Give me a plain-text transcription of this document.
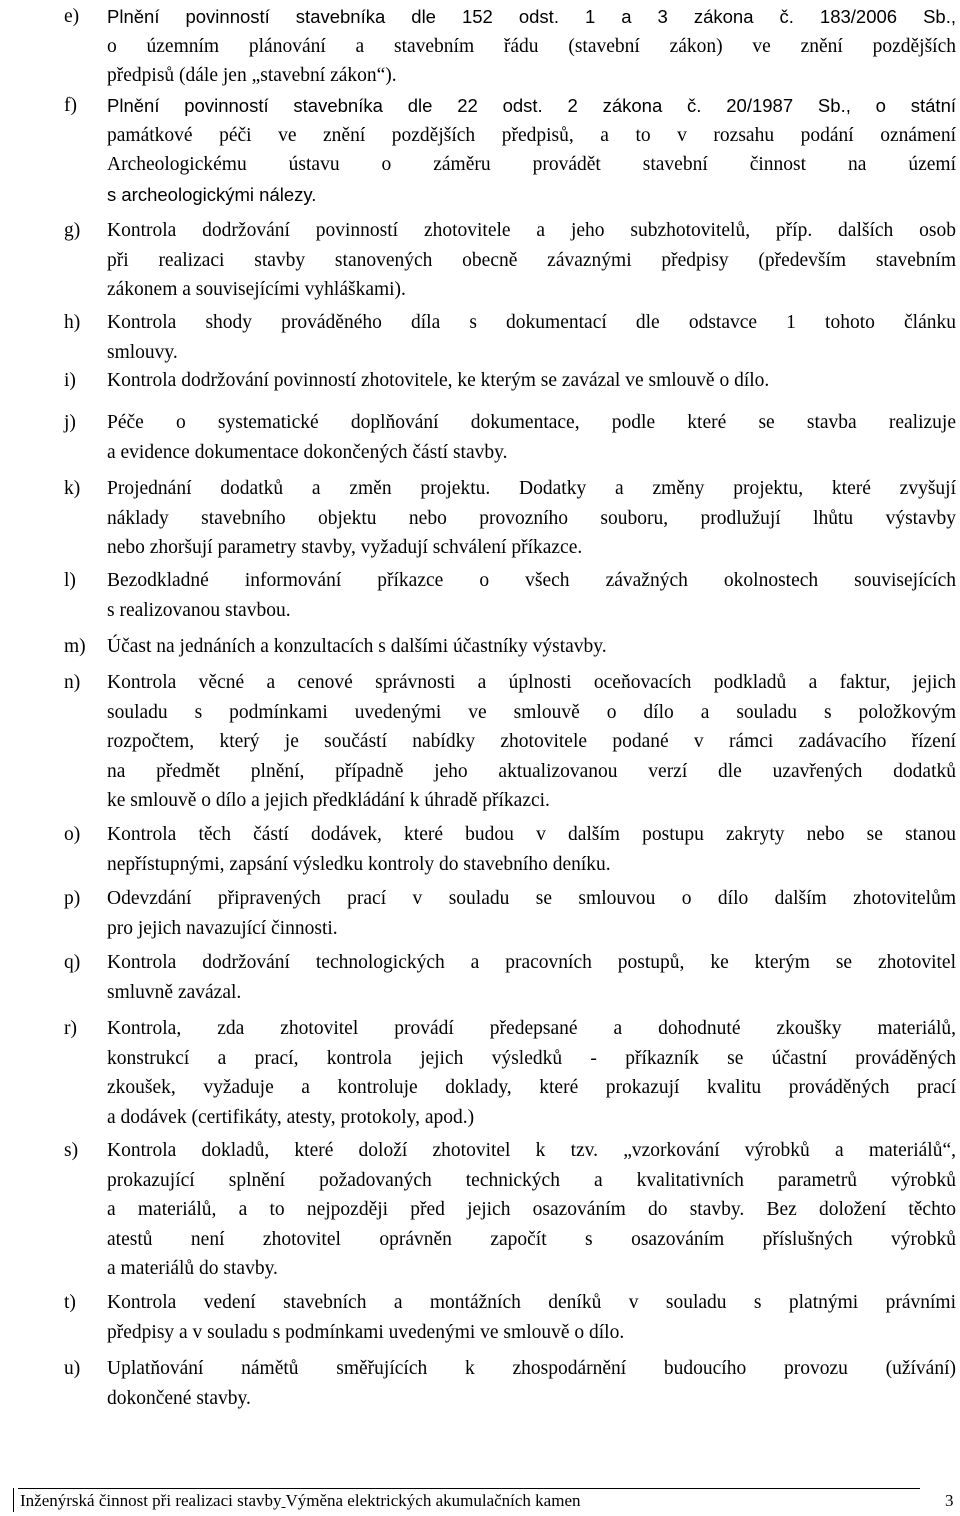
e) Plnění povinností stavebníka dle 152 odst. 1 a 3 zákona č. 183/2006 Sb.,
o územním plánování a stavebním řádu (stavební zákon) ve znění pozdějších
předpisů (dále jen „stavební zákon“).
f) Plnění povinností stavebníka dle 22 odst. 2 zákona č. 20/1987 Sb., o státní
památkové péči ve znění pozdějších předpisů, a to v rozsahu podání oznámení
Archeologickému ústavu o záměru provádět stavební činnost na území
s archeologickými nálezy.
g) Kontrola dodržování povinností zhotovitele a jeho subzhotovitelů, příp. dalších osob
při realizaci stavby stanovených obecně závaznými předpisy (především stavebním
zákonem a souvisejícími vyhláškami).
h) Kontrola shody prováděného díla s dokumentací dle odstavce 1 tohoto článku
smlouvy.
i) Kontrola dodržování povinností zhotovitele, ke kterým se zavázal ve smlouvě o dílo.
j) Péče o systematické doplňování dokumentace, podle které se stavba realizuje
a evidence dokumentace dokončených částí stavby.
k) Projednání dodatků a změn projektu. Dodatky a změny projektu, které zvyšují
náklady stavebního objektu nebo provozního souboru, prodlužují lhůtu výstavby
nebo zhoršují parametry stavby, vyžadují schválení příkazce.
l) Bezodkladné informování příkazce o všech závažných okolnostech souvisejících
s realizovanou stavbou.
m) Účast na jednáních a konzultacích s dalšími účastníky výstavby.
n) Kontrola věcné a cenové správnosti a úplnosti oceňovacích podkladů a faktur, jejich
souladu s podmínkami uvedenými ve smlouvě o dílo a souladu s položkovým
rozpočtem, který je součástí nabídky zhotovitele podané v rámci zadávacího řízení
na předmět plnění, případně jeho aktualizovanou verzí dle uzavřených dodatků
ke smlouvě o dílo a jejich předkládání k úhradě příkazci.
o) Kontrola těch částí dodávek, které budou v dalším postupu zakryty nebo se stanou
nepřístupnými, zapsání výsledku kontroly do stavebního deníku.
p) Odevzdání připravených prací v souladu se smlouvou o dílo dalším zhotovitelům
pro jejich navazující činnosti.
q) Kontrola dodržování technologických a pracovních postupů, ke kterým se zhotovitel
smluvně zavázal.
r) Kontrola, zda zhotovitel provádí předepsané a dohodnuté zkoušky materiálů,
konstrukcí a prací, kontrola jejich výsledků - příkazník se účastní prováděných
zkoušek, vyžaduje a kontroluje doklady, které prokazují kvalitu prováděných prací
a dodávek (certifikáty, atesty, protokoly, apod.)
s) Kontrola dokladů, které doloží zhotovitel k tzv. „vzorkování výrobků a materiálů“,
prokazující splnění požadovaných technických a kvalitativních parametrů výrobků
a materiálů, a to nejpozději před jejich osazováním do stavby. Bez doložení těchto
atestů není zhotovitel oprávněn započít s osazováním příslušných výrobků
a materiálů do stavby.
t) Kontrola vedení stavebních a montážních deníků v souladu s platnými právními
předpisy a v souladu s podmínkami uvedenými ve smlouvě o dílo.
u) Uplatňování námětů směřujících k zhospodárnění budoucího provozu (užívání)
dokončené stavby.
Inženýrská činnost při realizaci stavby Výměna elektrických akumulačních kamen	3
